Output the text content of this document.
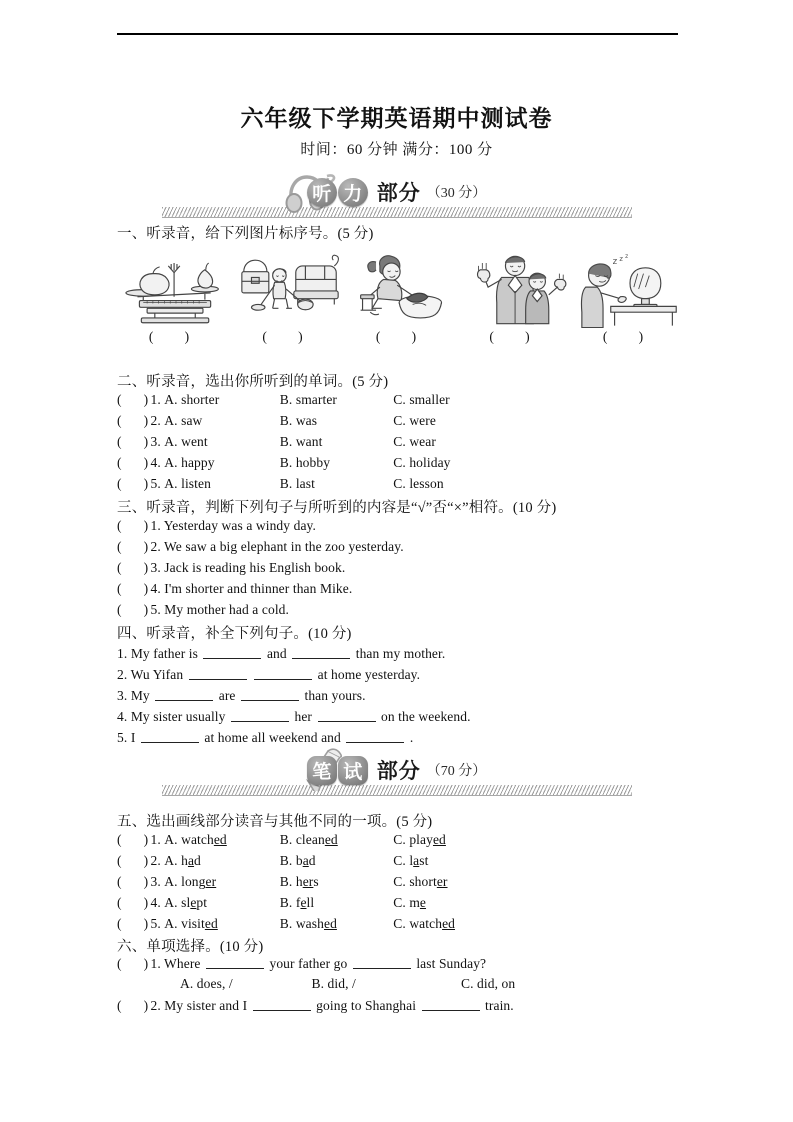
六年级下学期英语期中测试卷
时间：60 分钟 满分：100 分
听 力 部分 （30 分）
一、听录音，给下列图片标序号。(5 分)
( )	( )	( )	( )
z z z
( )
二、听录音，选出你所听到的单词。(5 分)
( ) 1. A. shorter	B. smarter	C. smaller
( ) 2. A. saw	B. was	C. were
( ) 3. A. went	B. want	C. wear
( ) 4. A. happy	B. hobby	C. holiday
( ) 5. A. listen	B. last	C. lesson
三、听录音，判断下列句子与所听到的内容是“√”否“×”相符。(10 分)
( ) 1. Yesterday was a windy day.
( ) 2. We saw a big elephant in the zoo yesterday.
( ) 3. Jack is reading his English book.
( ) 4. I'm shorter and thinner than Mike.
( ) 5. My mother had a cold.
四、听录音，补全下列句子。(10 分)
1. My father is	and	than my mother.
2. Wu Yifan	at home yesterday.
3. My	are	than yours.
4. My sister usually	her	on the weekend.
5. I	at home all weekend and	.
笔 试 部分 （70 分）
五、选出画线部分读音与其他不同的一项。(5 分)
( ) 1. A. watched	B. cleaned	C. played
( ) 2. A. had	B. bad	C. last
( ) 3. A. longer	B. hers	C. shorter
( ) 4. A. slept	B. fell	C. me
( ) 5. A. visited	B. washed	C. watched
六、单项选择。(10 分)
( ) 1. Where	your father go	last Sunday?
A. does, /	B. did, /	C. did, on
( ) 2. My sister and I	going to Shanghai	train.
